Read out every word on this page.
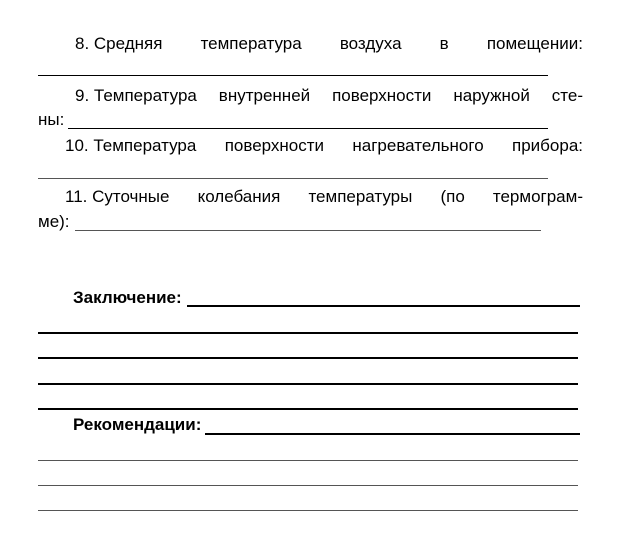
8. Средняя температура воздуха в помещении:
9. Температура внутренней поверхности наружной сте-
ны:
10. Температура поверхности нагревательного прибора:
11. Суточные колебания температуры (по термограм-
ме):
Заключение:
Рекомендации:
